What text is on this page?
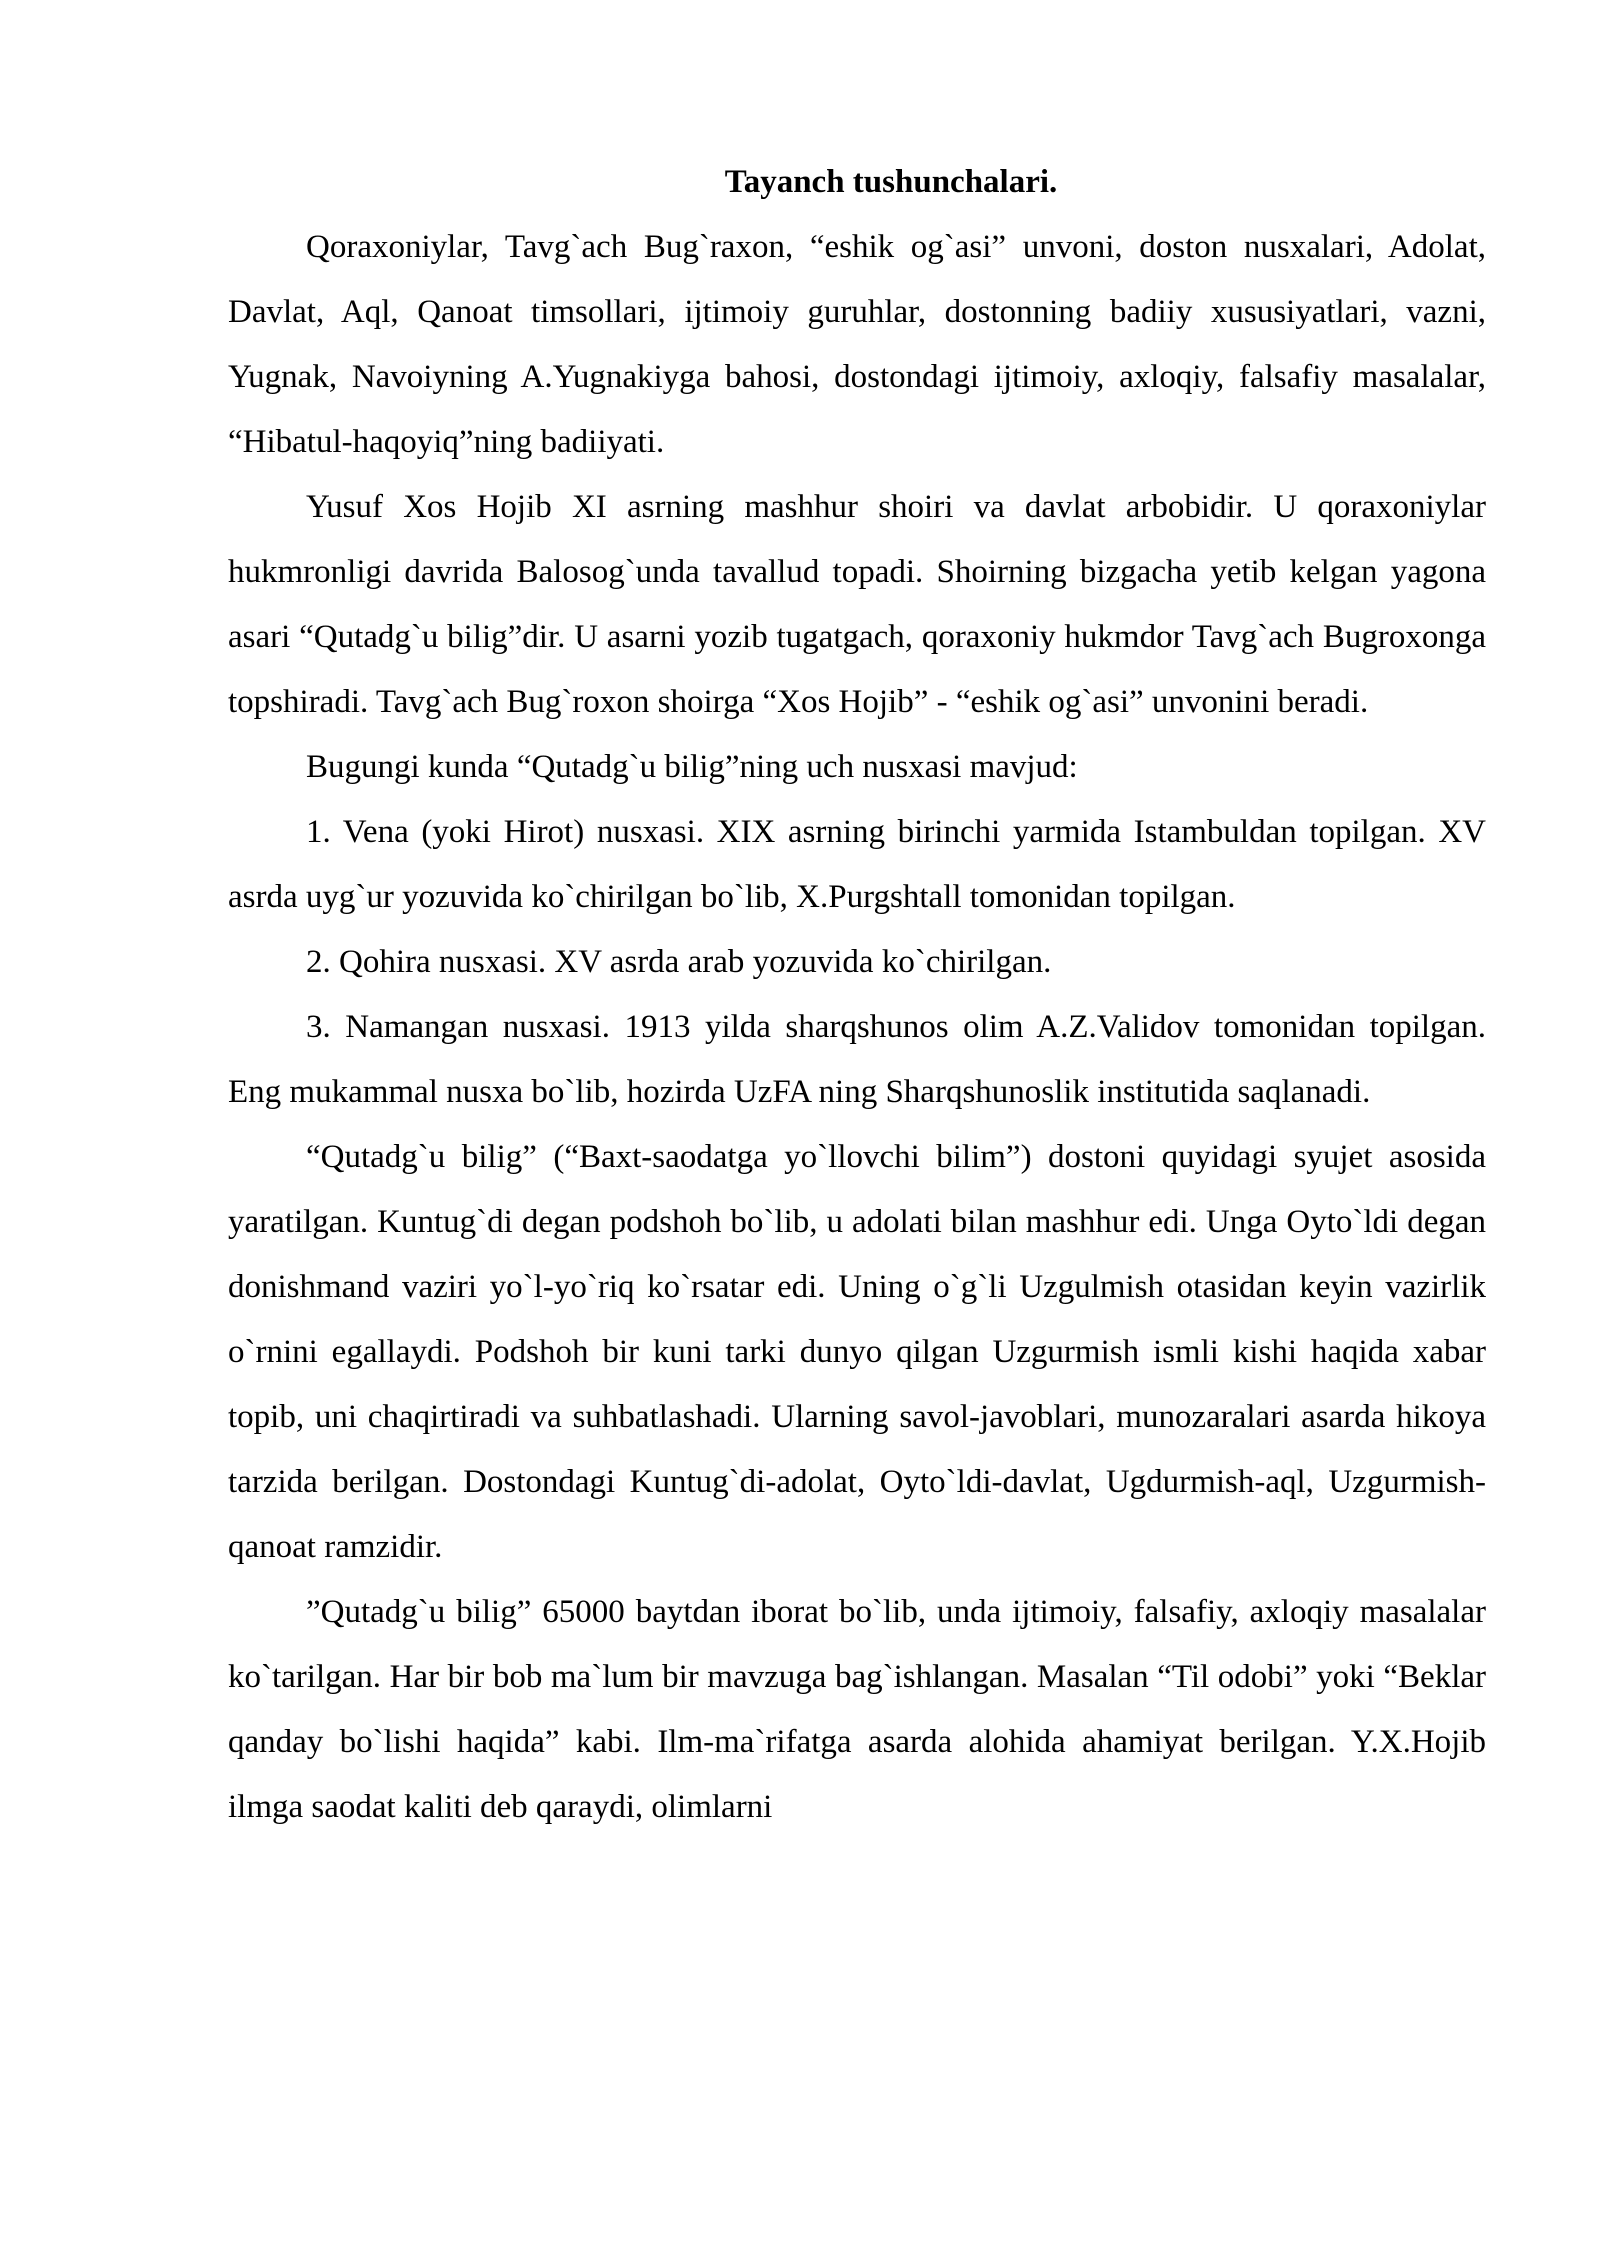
Tayanch tushunchalari.

Qoraxoniylar, Tavg`ach Bug`raxon, “eshik og`asi” unvoni, doston nusxalari, Adolat, Davlat, Aql, Qanoat timsollari, ijtimoiy guruhlar, dostonning badiiy xususiyatlari, vazni, Yugnak, Navoiyning A.Yugnakiyga bahosi, dostondagi ijtimoiy, axloqiy, falsafiy masalalar, “Hibatul-haqoyiq”ning badiiyati.

Yusuf Xos Hojib XI asrning mashhur shoiri va davlat arbobidir. U qoraxoniylar hukmronligi davrida Balosog`unda tavallud topadi. Shoirning bizgacha yetib kelgan yagona asari “Qutadg`u bilig”dir. U asarni yozib tugatgach, qoraxoniy hukmdor Tavg`ach Bugroxonga topshiradi. Tavg`ach Bug`roxon shoirga “Xos Hojib” - “eshik og`asi” unvonini beradi.

Bugungi kunda “Qutadg`u bilig”ning uch nusxasi mavjud:

1. Vena (yoki Hirot) nusxasi. XIX asrning birinchi yarmida Istambuldan topilgan. XV asrda uyg`ur yozuvida ko`chirilgan bo`lib, X.Purgshtall tomonidan topilgan.

2. Qohira nusxasi. XV asrda arab yozuvida ko`chirilgan.

3. Namangan nusxasi. 1913 yilda sharqshunos olim A.Z.Validov tomonidan topilgan. Eng mukammal nusxa bo`lib, hozirda UzFA ning Sharqshunoslik institutida saqlanadi.

“Qutadg`u bilig” (“Baxt-saodatga yo`llovchi bilim”) dostoni quyidagi syujet asosida yaratilgan. Kuntug`di degan podshoh bo`lib, u adolati bilan mashhur edi. Unga Oyto`ldi degan donishmand vaziri yo`l-yo`riq ko`rsatar edi. Uning o`g`li Uzgulmish otasidan keyin vazirlik o`rnini egallaydi. Podshoh bir kuni tarki dunyo qilgan Uzgurmish ismli kishi haqida xabar topib, uni chaqirtiradi va suhbatlashadi. Ularning savol-javoblari, munozaralari asarda hikoya tarzida berilgan. Dostondagi Kuntug`di-adolat, Oyto`ldi-davlat, Ugdurmish-aql, Uzgurmish-qanoat ramzidir.

”Qutadg`u bilig” 65000 baytdan iborat bo`lib, unda ijtimoiy, falsafiy, axloqiy masalalar ko`tarilgan. Har bir bob ma`lum bir mavzuga bag`ishlangan. Masalan “Til odobi” yoki “Beklar qanday bo`lishi haqida” kabi. Ilm-ma`rifatga asarda alohida ahamiyat berilgan. Y.X.Hojib ilmga saodat kaliti deb qaraydi, olimlarni
